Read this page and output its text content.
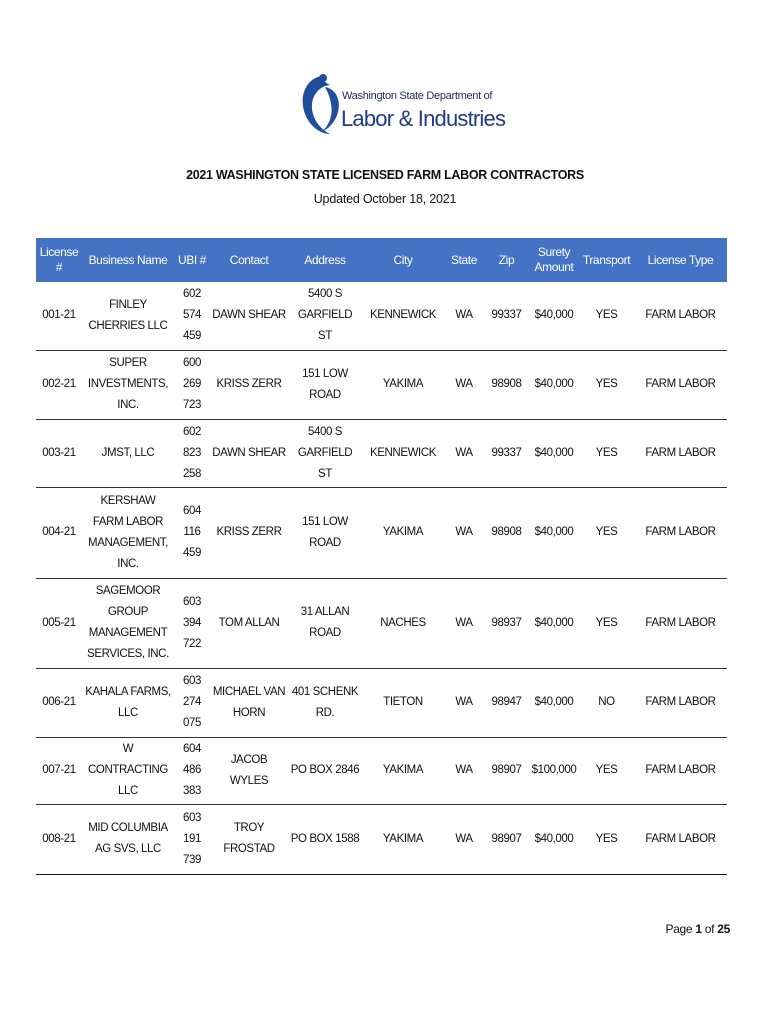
Washington State Department of
Labor & Industries
2021 WASHINGTON STATE LICENSED FARM LABOR CONTRACTORS
Updated October 18, 2021
License #	Business Name	UBI #	Contact	Address	City	State	Zip	Surety Amount	Transport	License Type
001-21	FINLEY CHERRIES LLC	602 574 459	DAWN SHEAR	5400 S GARFIELD ST	KENNEWICK	WA	99337	$40,000	YES	FARM LABOR
002-21	SUPER INVESTMENTS, INC.	600 269 723	KRISS ZERR	151 LOW ROAD	YAKIMA	WA	98908	$40,000	YES	FARM LABOR
003-21	JMST, LLC	602 823 258	DAWN SHEAR	5400 S GARFIELD ST	KENNEWICK	WA	99337	$40,000	YES	FARM LABOR
004-21	KERSHAW FARM LABOR MANAGEMENT, INC.	604 116 459	KRISS ZERR	151 LOW ROAD	YAKIMA	WA	98908	$40,000	YES	FARM LABOR
005-21	SAGEMOOR GROUP MANAGEMENT SERVICES, INC.	603 394 722	TOM ALLAN	31 ALLAN ROAD	NACHES	WA	98937	$40,000	YES	FARM LABOR
006-21	KAHALA FARMS, LLC	603 274 075	MICHAEL VAN HORN	401 SCHENK RD.	TIETON	WA	98947	$40,000	NO	FARM LABOR
007-21	W CONTRACTING LLC	604 486 383	JACOB WYLES	PO BOX 2846	YAKIMA	WA	98907	$100,000	YES	FARM LABOR
008-21	MID COLUMBIA AG SVS, LLC	603 191 739	TROY FROSTAD	PO BOX 1588	YAKIMA	WA	98907	$40,000	YES	FARM LABOR
Page 1 of 25
